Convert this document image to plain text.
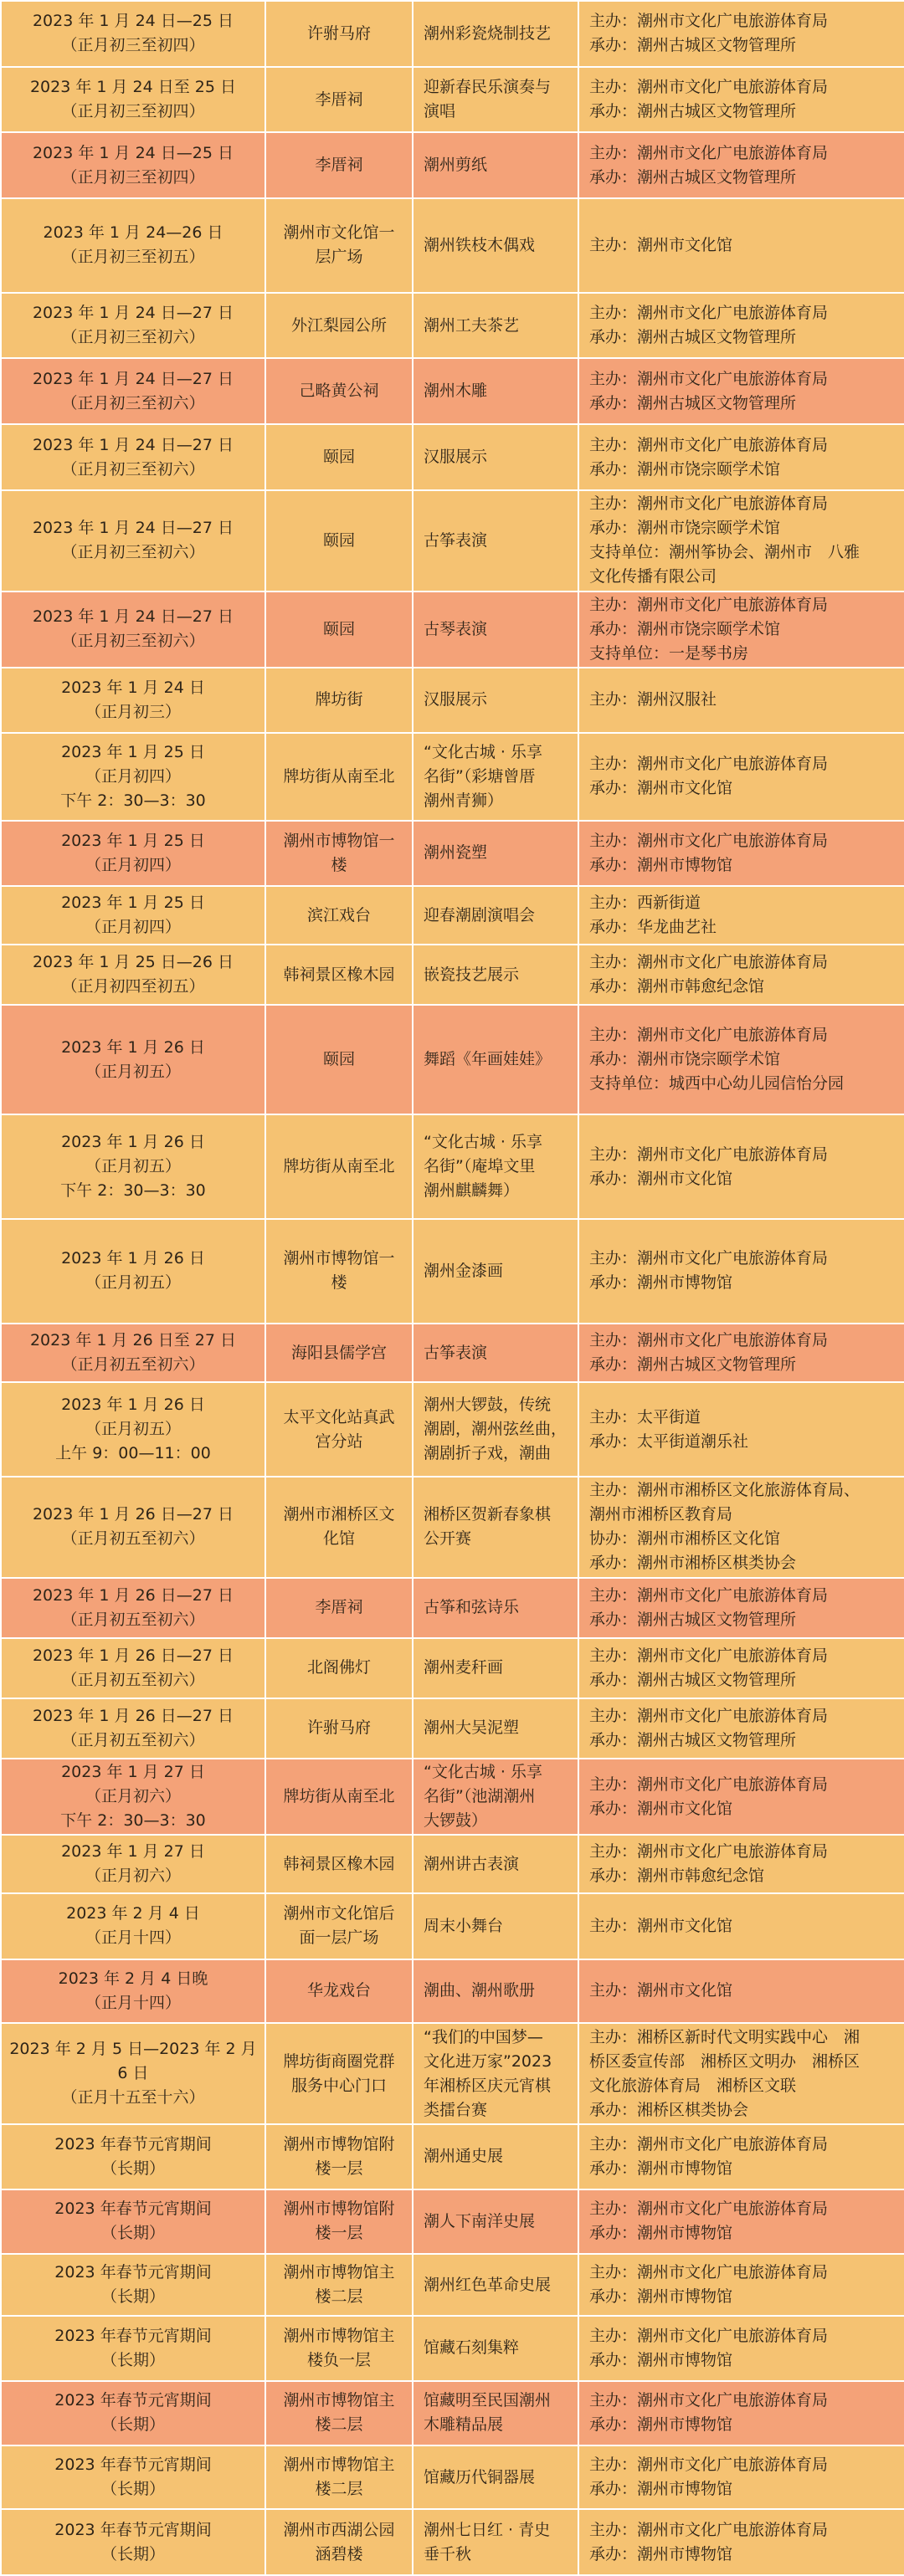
2023 年 1 月 24 日—25 日
（正月初三至初四）	许驸马府	潮州彩瓷烧制技艺	主办：潮州市文化广电旅游体育局
承办：潮州古城区文物管理所

2023 年 1 月 24 日至 25 日
（正月初三至初四）	李厝祠	迎新春民乐演奏与
演唱	主办：潮州市文化广电旅游体育局
承办：潮州古城区文物管理所

2023 年 1 月 24 日—25 日
（正月初三至初四）	李厝祠	潮州剪纸	主办：潮州市文化广电旅游体育局
承办：潮州古城区文物管理所

2023 年 1 月 24—26 日
（正月初三至初五）	潮州市文化馆一
层广场	潮州铁枝木偶戏	主办：潮州市文化馆

2023 年 1 月 24 日—27 日
（正月初三至初六）	外江梨园公所	潮州工夫茶艺	主办：潮州市文化广电旅游体育局
承办：潮州古城区文物管理所

2023 年 1 月 24 日—27 日
（正月初三至初六）	己略黄公祠	潮州木雕	主办：潮州市文化广电旅游体育局
承办：潮州古城区文物管理所

2023 年 1 月 24 日—27 日
（正月初三至初六）	颐园	汉服展示	主办：潮州市文化广电旅游体育局
承办：潮州市饶宗颐学术馆

2023 年 1 月 24 日—27 日
（正月初三至初六）	颐园	古筝表演	主办：潮州市文化广电旅游体育局
承办：潮州市饶宗颐学术馆
支持单位：潮州筝协会、潮州市　八雅
文化传播有限公司

2023 年 1 月 24 日—27 日
（正月初三至初六）	颐园	古琴表演	主办：潮州市文化广电旅游体育局
承办：潮州市饶宗颐学术馆
支持单位：一是琴书房

2023 年 1 月 24 日
（正月初三）	牌坊街	汉服展示	主办：潮州汉服社

2023 年 1 月 25 日
（正月初四）
下午 2：30—3：30	牌坊街从南至北	“文化古城 · 乐享
名街”（彩塘曾厝
潮州青狮）	主办：潮州市文化广电旅游体育局
承办：潮州市文化馆

2023 年 1 月 25 日
（正月初四）	潮州市博物馆一
楼	潮州瓷塑	主办：潮州市文化广电旅游体育局
承办：潮州市博物馆

2023 年 1 月 25 日
（正月初四）	滨江戏台	迎春潮剧演唱会	主办：西新街道
承办：华龙曲艺社

2023 年 1 月 25 日—26 日
（正月初四至初五）	韩祠景区橡木园	嵌瓷技艺展示	主办：潮州市文化广电旅游体育局
承办：潮州市韩愈纪念馆

2023 年 1 月 26 日
（正月初五）	颐园	舞蹈《年画娃娃》	主办：潮州市文化广电旅游体育局
承办：潮州市饶宗颐学术馆
支持单位：城西中心幼儿园信怡分园

2023 年 1 月 26 日
（正月初五）
下午 2：30—3：30	牌坊街从南至北	“文化古城 · 乐享
名街”（庵埠文里
潮州麒麟舞）	主办：潮州市文化广电旅游体育局
承办：潮州市文化馆

2023 年 1 月 26 日
（正月初五）	潮州市博物馆一
楼	潮州金漆画	主办：潮州市文化广电旅游体育局
承办：潮州市博物馆

2023 年 1 月 26 日至 27 日
（正月初五至初六）	海阳县儒学宫	古筝表演	主办：潮州市文化广电旅游体育局
承办：潮州古城区文物管理所

2023 年 1 月 26 日
（正月初五）
上午 9：00—11：00	太平文化站真武
宫分站	潮州大锣鼓，传统
潮剧，潮州弦丝曲，
潮剧折子戏，潮曲	主办：太平街道
承办：太平街道潮乐社

2023 年 1 月 26 日—27 日
（正月初五至初六）	潮州市湘桥区文
化馆	湘桥区贺新春象棋
公开赛	主办：潮州市湘桥区文化旅游体育局、
潮州市湘桥区教育局
协办：潮州市湘桥区文化馆
承办：潮州市湘桥区棋类协会

2023 年 1 月 26 日—27 日
（正月初五至初六）	李厝祠	古筝和弦诗乐	主办：潮州市文化广电旅游体育局
承办：潮州古城区文物管理所

2023 年 1 月 26 日—27 日
（正月初五至初六）	北阁佛灯	潮州麦秆画	主办：潮州市文化广电旅游体育局
承办：潮州古城区文物管理所

2023 年 1 月 26 日—27 日
（正月初五至初六）	许驸马府	潮州大吴泥塑	主办：潮州市文化广电旅游体育局
承办：潮州古城区文物管理所

2023 年 1 月 27 日
（正月初六）
下午 2：30—3：30	牌坊街从南至北	“文化古城 · 乐享
名街”（池湖潮州
大锣鼓）	主办：潮州市文化广电旅游体育局
承办：潮州市文化馆

2023 年 1 月 27 日
（正月初六）	韩祠景区橡木园	潮州讲古表演	主办：潮州市文化广电旅游体育局
承办：潮州市韩愈纪念馆

2023 年 2 月 4 日
（正月十四）	潮州市文化馆后
面一层广场	周末小舞台	主办：潮州市文化馆

2023 年 2 月 4 日晚
（正月十四）	华龙戏台	潮曲、潮州歌册	主办：潮州市文化馆

2023 年 2 月 5 日—2023 年 2 月
6 日
（正月十五至十六）	牌坊街商圈党群
服务中心门口	“我们的中国梦—
文化进万家”2023
年湘桥区庆元宵棋
类擂台赛	主办：湘桥区新时代文明实践中心　湘
桥区委宣传部　湘桥区文明办　湘桥区
文化旅游体育局　湘桥区文联
承办：湘桥区棋类协会

2023 年春节元宵期间
（长期）	潮州市博物馆附
楼一层	潮州通史展	主办：潮州市文化广电旅游体育局
承办：潮州市博物馆

2023 年春节元宵期间
（长期）	潮州市博物馆附
楼一层	潮人下南洋史展	主办：潮州市文化广电旅游体育局
承办：潮州市博物馆

2023 年春节元宵期间
（长期）	潮州市博物馆主
楼二层	潮州红色革命史展	主办：潮州市文化广电旅游体育局
承办：潮州市博物馆

2023 年春节元宵期间
（长期）	潮州市博物馆主
楼负一层	馆藏石刻集粹	主办：潮州市文化广电旅游体育局
承办：潮州市博物馆

2023 年春节元宵期间
（长期）	潮州市博物馆主
楼二层	馆藏明至民国潮州
木雕精品展	主办：潮州市文化广电旅游体育局
承办：潮州市博物馆

2023 年春节元宵期间
（长期）	潮州市博物馆主
楼二层	馆藏历代铜器展	主办：潮州市文化广电旅游体育局
承办：潮州市博物馆

2023 年春节元宵期间
（长期）	潮州市西湖公园
涵碧楼	潮州七日红 · 青史
垂千秋	主办：潮州市文化广电旅游体育局
承办：潮州市博物馆
